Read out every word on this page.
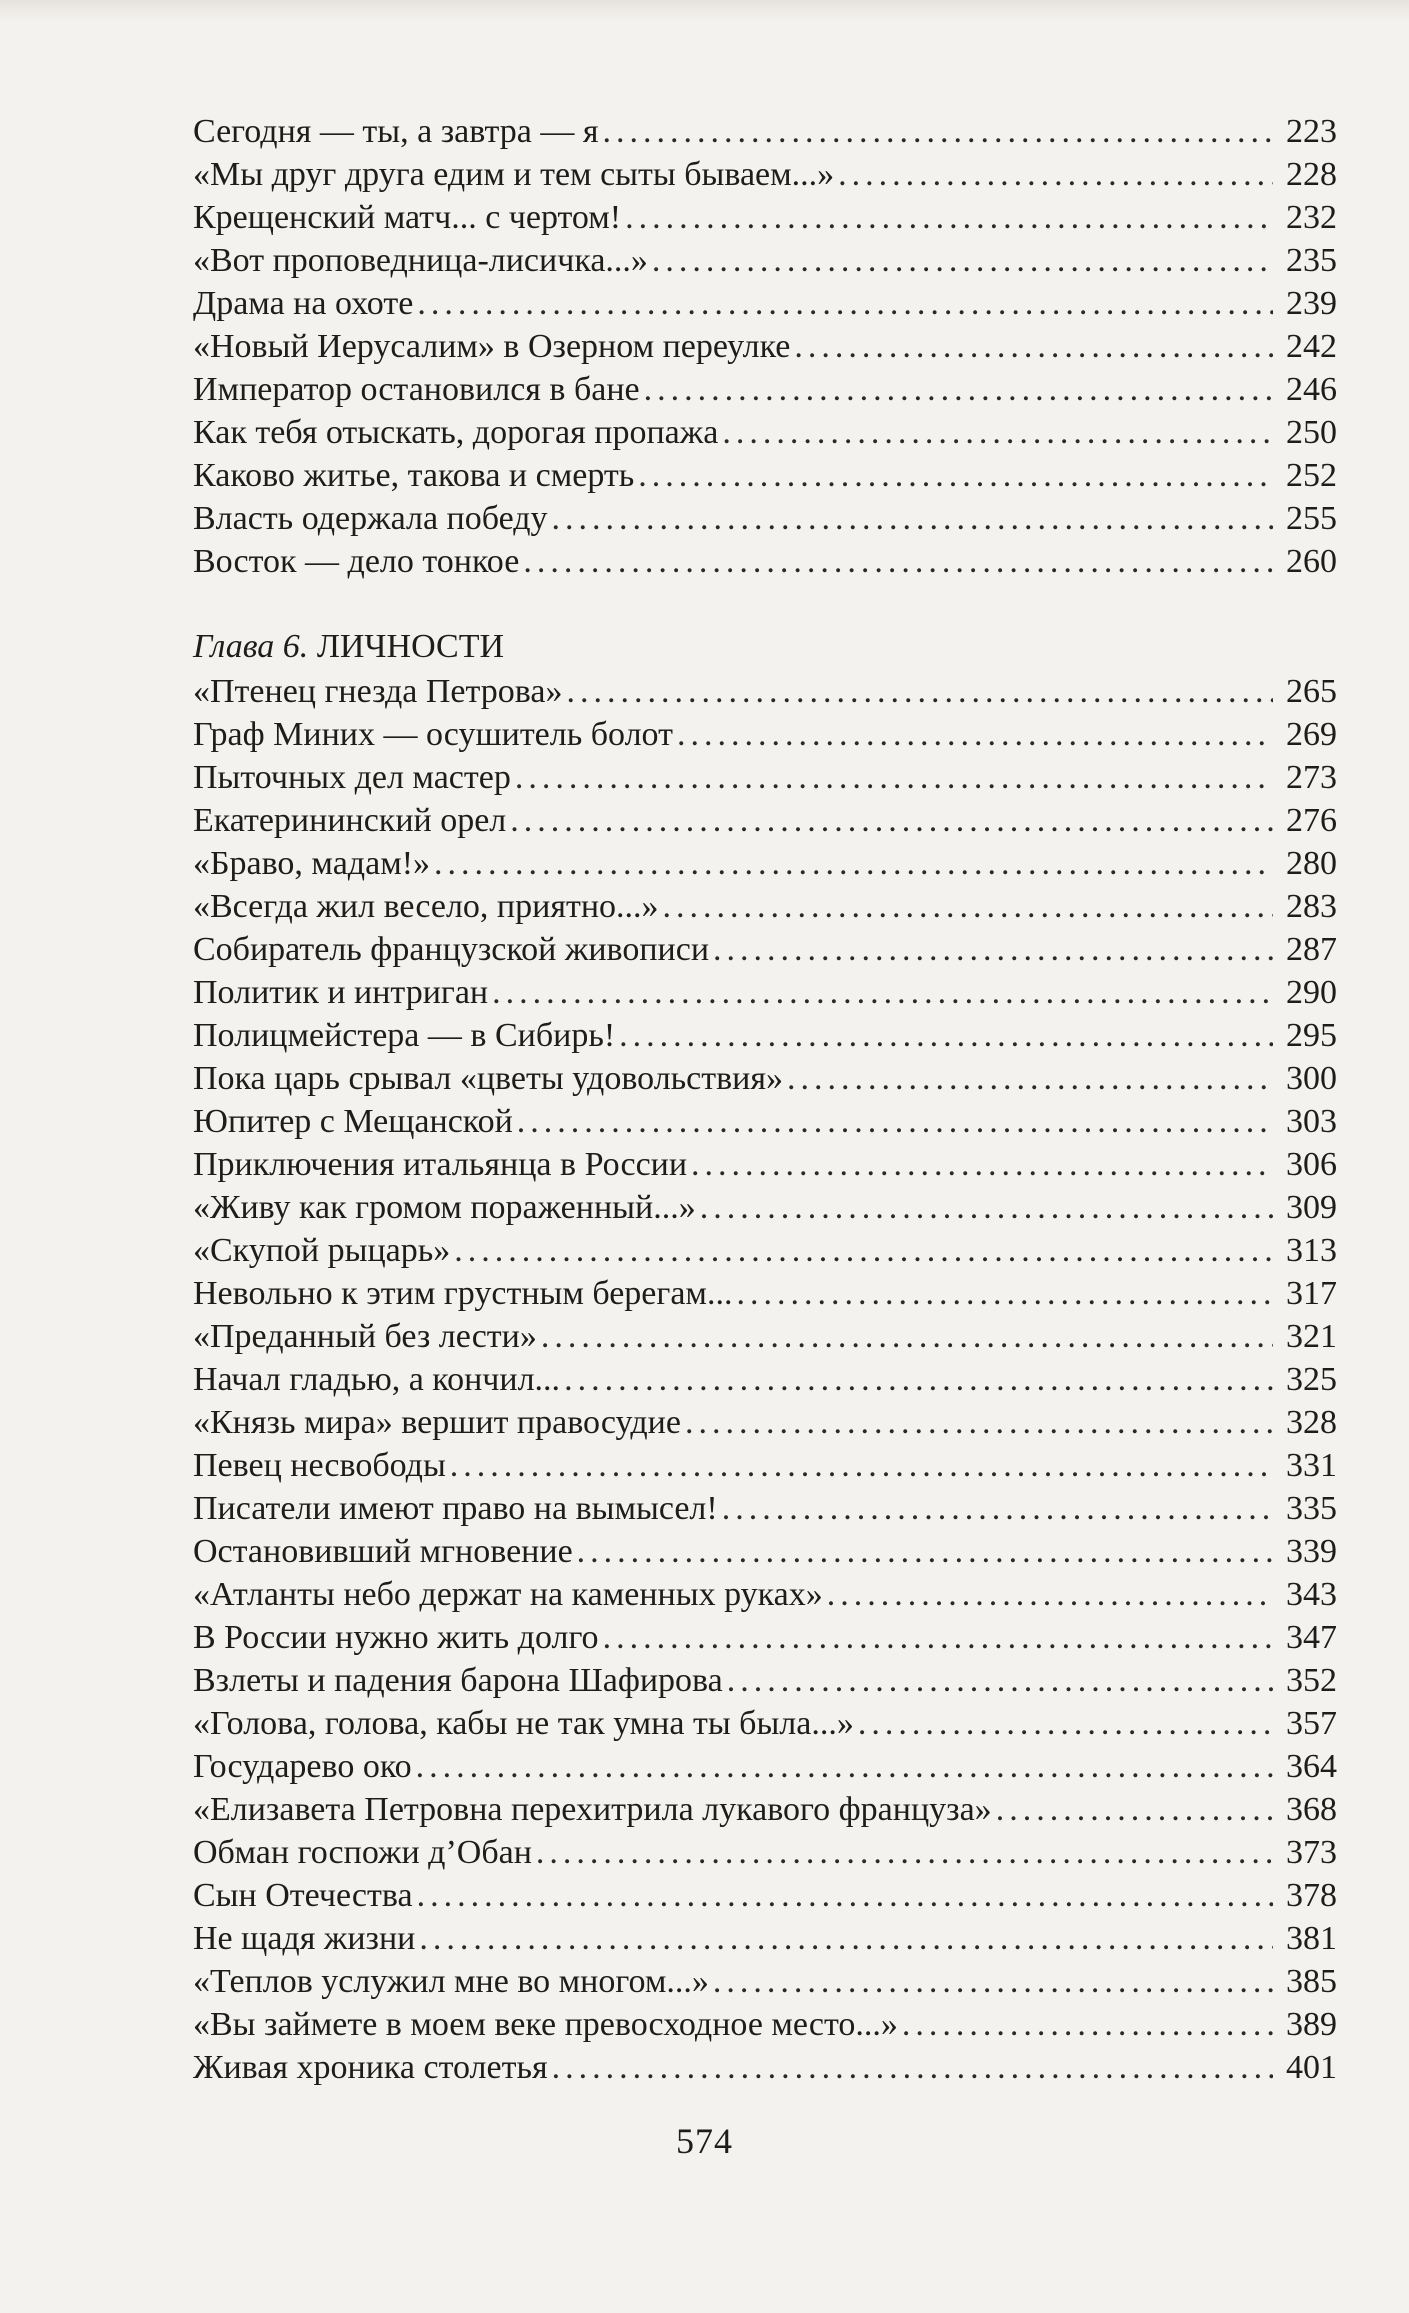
Сегодня — ты, а завтра — я .....	223
«Мы друг друга едим и тем сыты бываем...» .....	228
Крещенский матч... с чертом! .....	232
«Вот проповедница-лисичка...» .....	235
Драма на охоте .....	239
«Новый Иерусалим» в Озерном переулке .....	242
Император остановился в бане .....	246
Как тебя отыскать, дорогая пропажа .....	250
Каково житье, такова и смерть .....	252
Власть одержала победу .....	255
Восток — дело тонкое .....	260
Глава 6. ЛИЧНОСТИ
«Птенец гнезда Петрова» .....	265
Граф Миних — осушитель болот .....	269
Пыточных дел мастер .....	273
Екатерининский орел .....	276
«Браво, мадам!» .....	280
«Всегда жил весело, приятно...» .....	283
Собиратель французской живописи .....	287
Политик и интриган .....	290
Полицмейстера — в Сибирь! .....	295
Пока царь срывал «цветы удовольствия» .....	300
Юпитер с Мещанской .....	303
Приключения итальянца в России .....	306
«Живу как громом пораженный...» .....	309
«Скупой рыцарь» .....	313
Невольно к этим грустным берегам... .....	317
«Преданный без лести» .....	321
Начал гладью, а кончил... .....	325
«Князь мира» вершит правосудие .....	328
Певец несвободы .....	331
Писатели имеют право на вымысел! .....	335
Остановивший мгновение .....	339
«Атланты небо держат на каменных руках» .....	343
В России нужно жить долго .....	347
Взлеты и падения барона Шафирова .....	352
«Голова, голова, кабы не так умна ты была...» .....	357
Государево око .....	364
«Елизавета Петровна перехитрила лукавого француза» .....	368
Обман госпожи д’Обан .....	373
Сын Отечества .....	378
Не щадя жизни .....	381
«Теплов услужил мне во многом...» .....	385
«Вы займете в моем веке превосходное место...» .....	389
Живая хроника столетья .....	401
574
